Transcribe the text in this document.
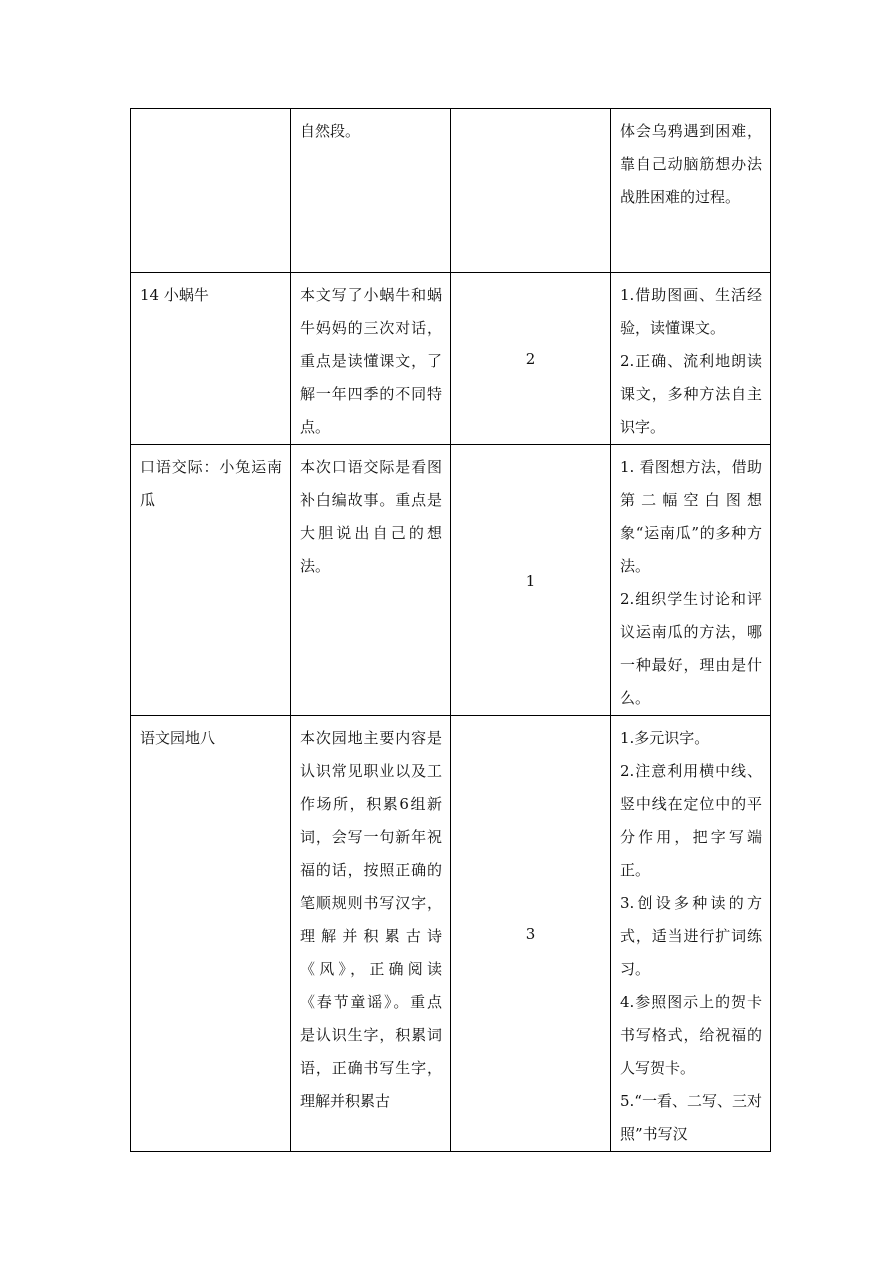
	自然段。		体会乌鸦遇到困难，靠自己动脑筋想办法战胜困难的过程。

14 小蜗牛	本文写了小蜗牛和蜗牛妈妈的三次对话，重点是读懂课文，了解一年四季的不同特点。	2	1.借助图画、生活经验，读懂课文。
2.正确、流利地朗读课文，多种方法自主识字。

口语交际：小兔运南瓜	本次口语交际是看图补白编故事。重点是大胆说出自己的想法。	1	1. 看图想方法，借助第二幅空白图想象“运南瓜”的多种方法。
2.组织学生讨论和评议运南瓜的方法，哪一种最好，理由是什么。

语文园地八	本次园地主要内容是认识常见职业以及工作场所，积累6组新词，会写一句新年祝福的话，按照正确的笔顺规则书写汉字，理解并积累古诗《风》，正确阅读《春节童谣》。重点是认识生字，积累词语，正确书写生字，理解并积累古	3	1.多元识字。
2.注意利用横中线、竖中线在定位中的平分作用，把字写端正。
3.创设多种读的方式，适当进行扩词练习。
4.参照图示上的贺卡书写格式，给祝福的人写贺卡。
5.“一看、二写、三对照”书写汉
